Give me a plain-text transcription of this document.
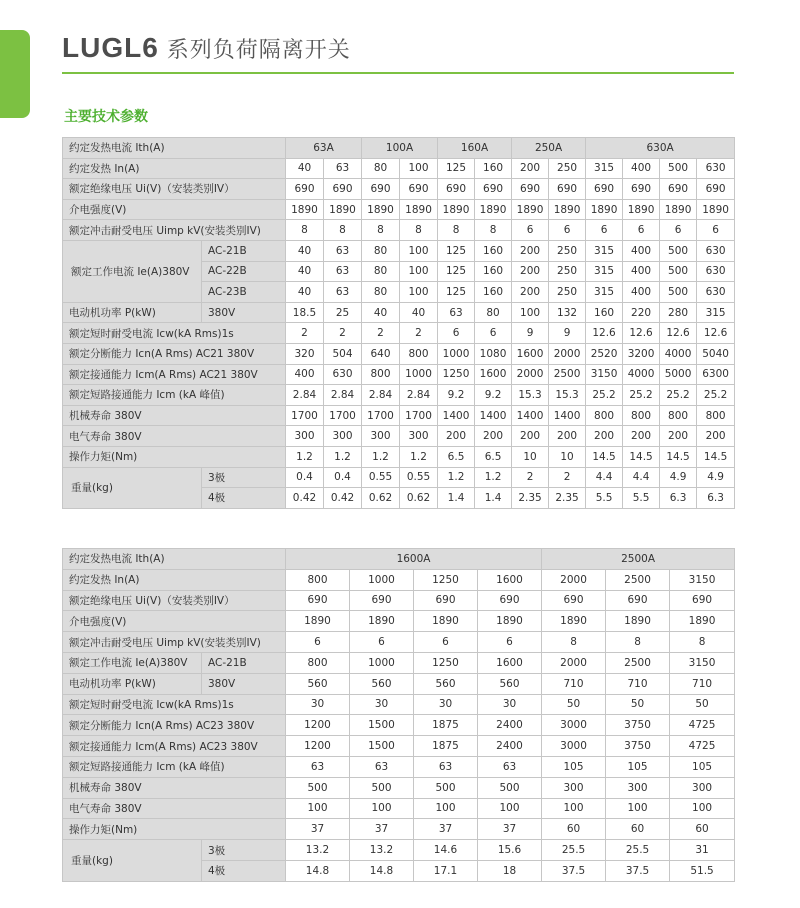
LUGL6 系列负荷隔离开关
主要技术参数
约定发热电流 Ith(A)		63A		100A		160A		250A		630A			
约定发热 In(A)		40	63	80	100	125	160	200	250	315	400	500	630
额定绝缘电压 Ui(V)（安装类别IV）		690	690	690	690	690	690	690	690	690	690	690	690
介电强度(V)		1890	1890	1890	1890	1890	1890	1890	1890	1890	1890	1890	1890
额定冲击耐受电压 Uimp kV(安装类别IV)		8	8	8	8	8	8	6	6	6	6	6	6
额定工作电流 Ie(A)380V	AC-21B	40	63	80	100	125	160	200	250	315	400	500	630
	AC-22B	40	63	80	100	125	160	200	250	315	400	500	630
	AC-23B	40	63	80	100	125	160	200	250	315	400	500	630
电动机功率 P(kW)	380V	18.5	25	40	40	63	80	100	132	160	220	280	315
额定短时耐受电流 Icw(kA Rms)1s		2	2	2	2	6	6	9	9	12.6	12.6	12.6	12.6
额定分断能力 Icn(A Rms) AC21 380V		320	504	640	800	1000	1080	1600	2000	2520	3200	4000	5040
额定接通能力 Icm(A Rms) AC21 380V		400	630	800	1000	1250	1600	2000	2500	3150	4000	5000	6300
额定短路接通能力 Icm (kA 峰值)		2.84	2.84	2.84	2.84	9.2	9.2	15.3	15.3	25.2	25.2	25.2	25.2
机械寿命 380V		1700	1700	1700	1700	1400	1400	1400	1400	800	800	800	800
电气寿命 380V		300	300	300	300	200	200	200	200	200	200	200	200
操作力矩(Nm)		1.2	1.2	1.2	1.2	6.5	6.5	10	10	14.5	14.5	14.5	14.5
重量(kg)	3极	0.4	0.4	0.55	0.55	1.2	1.2	2	2	4.4	4.4	4.9	4.9
	4极	0.42	0.42	0.62	0.62	1.4	1.4	2.35	2.35	5.5	5.5	6.3	6.3
约定发热电流 Ith(A)		1600A				2500A		
约定发热 In(A)		800	1000	1250	1600	2000	2500	3150
额定绝缘电压 Ui(V)（安装类别IV）		690	690	690	690	690	690	690
介电强度(V)		1890	1890	1890	1890	1890	1890	1890
额定冲击耐受电压 Uimp kV(安装类别IV)		6	6	6	6	8	8	8
额定工作电流 Ie(A)380V	AC-21B	800	1000	1250	1600	2000	2500	3150
电动机功率 P(kW)	380V	560	560	560	560	710	710	710
额定短时耐受电流 Icw(kA Rms)1s		30	30	30	30	50	50	50
额定分断能力 Icn(A Rms) AC23 380V		1200	1500	1875	2400	3000	3750	4725
额定接通能力 Icm(A Rms) AC23 380V		1200	1500	1875	2400	3000	3750	4725
额定短路接通能力 Icm (kA 峰值)		63	63	63	63	105	105	105
机械寿命 380V		500	500	500	500	300	300	300
电气寿命 380V		100	100	100	100	100	100	100
操作力矩(Nm)		37	37	37	37	60	60	60
重量(kg)	3极	13.2	13.2	14.6	15.6	25.5	25.5	31
	4极	14.8	14.8	17.1	18	37.5	37.5	51.5
